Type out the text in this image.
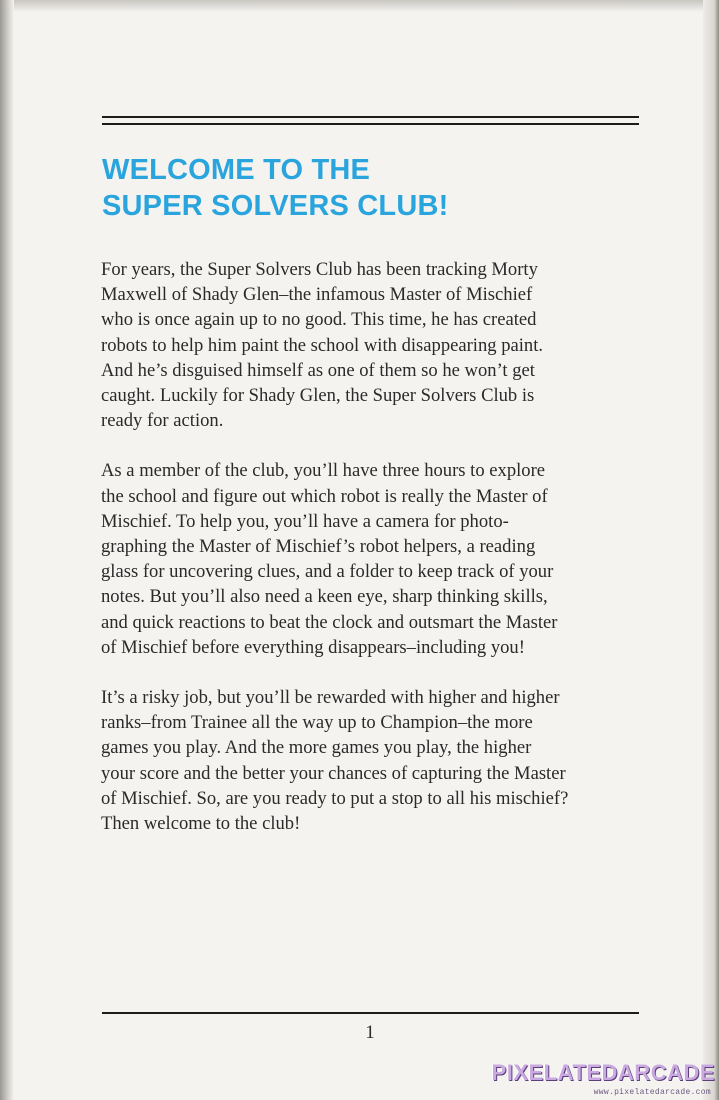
WELCOME TO THE
SUPER SOLVERS CLUB!

For years, the Super Solvers Club has been tracking Morty
Maxwell of Shady Glen–the infamous Master of Mischief
who is once again up to no good. This time, he has created
robots to help him paint the school with disappearing paint.
And he’s disguised himself as one of them so he won’t get
caught. Luckily for Shady Glen, the Super Solvers Club is
ready for action.

As a member of the club, you’ll have three hours to explore
the school and figure out which robot is really the Master of
Mischief. To help you, you’ll have a camera for photo-
graphing the Master of Mischief’s robot helpers, a reading
glass for uncovering clues, and a folder to keep track of your
notes. But you’ll also need a keen eye, sharp thinking skills,
and quick reactions to beat the clock and outsmart the Master
of Mischief before everything disappears–including you!

It’s a risky job, but you’ll be rewarded with higher and higher
ranks–from Trainee all the way up to Champion–the more
games you play. And the more games you play, the higher
your score and the better your chances of capturing the Master
of Mischief. So, are you ready to put a stop to all his mischief?
Then welcome to the club!

1
PIXELATEDARCADE
www.pixelatedarcade.com
